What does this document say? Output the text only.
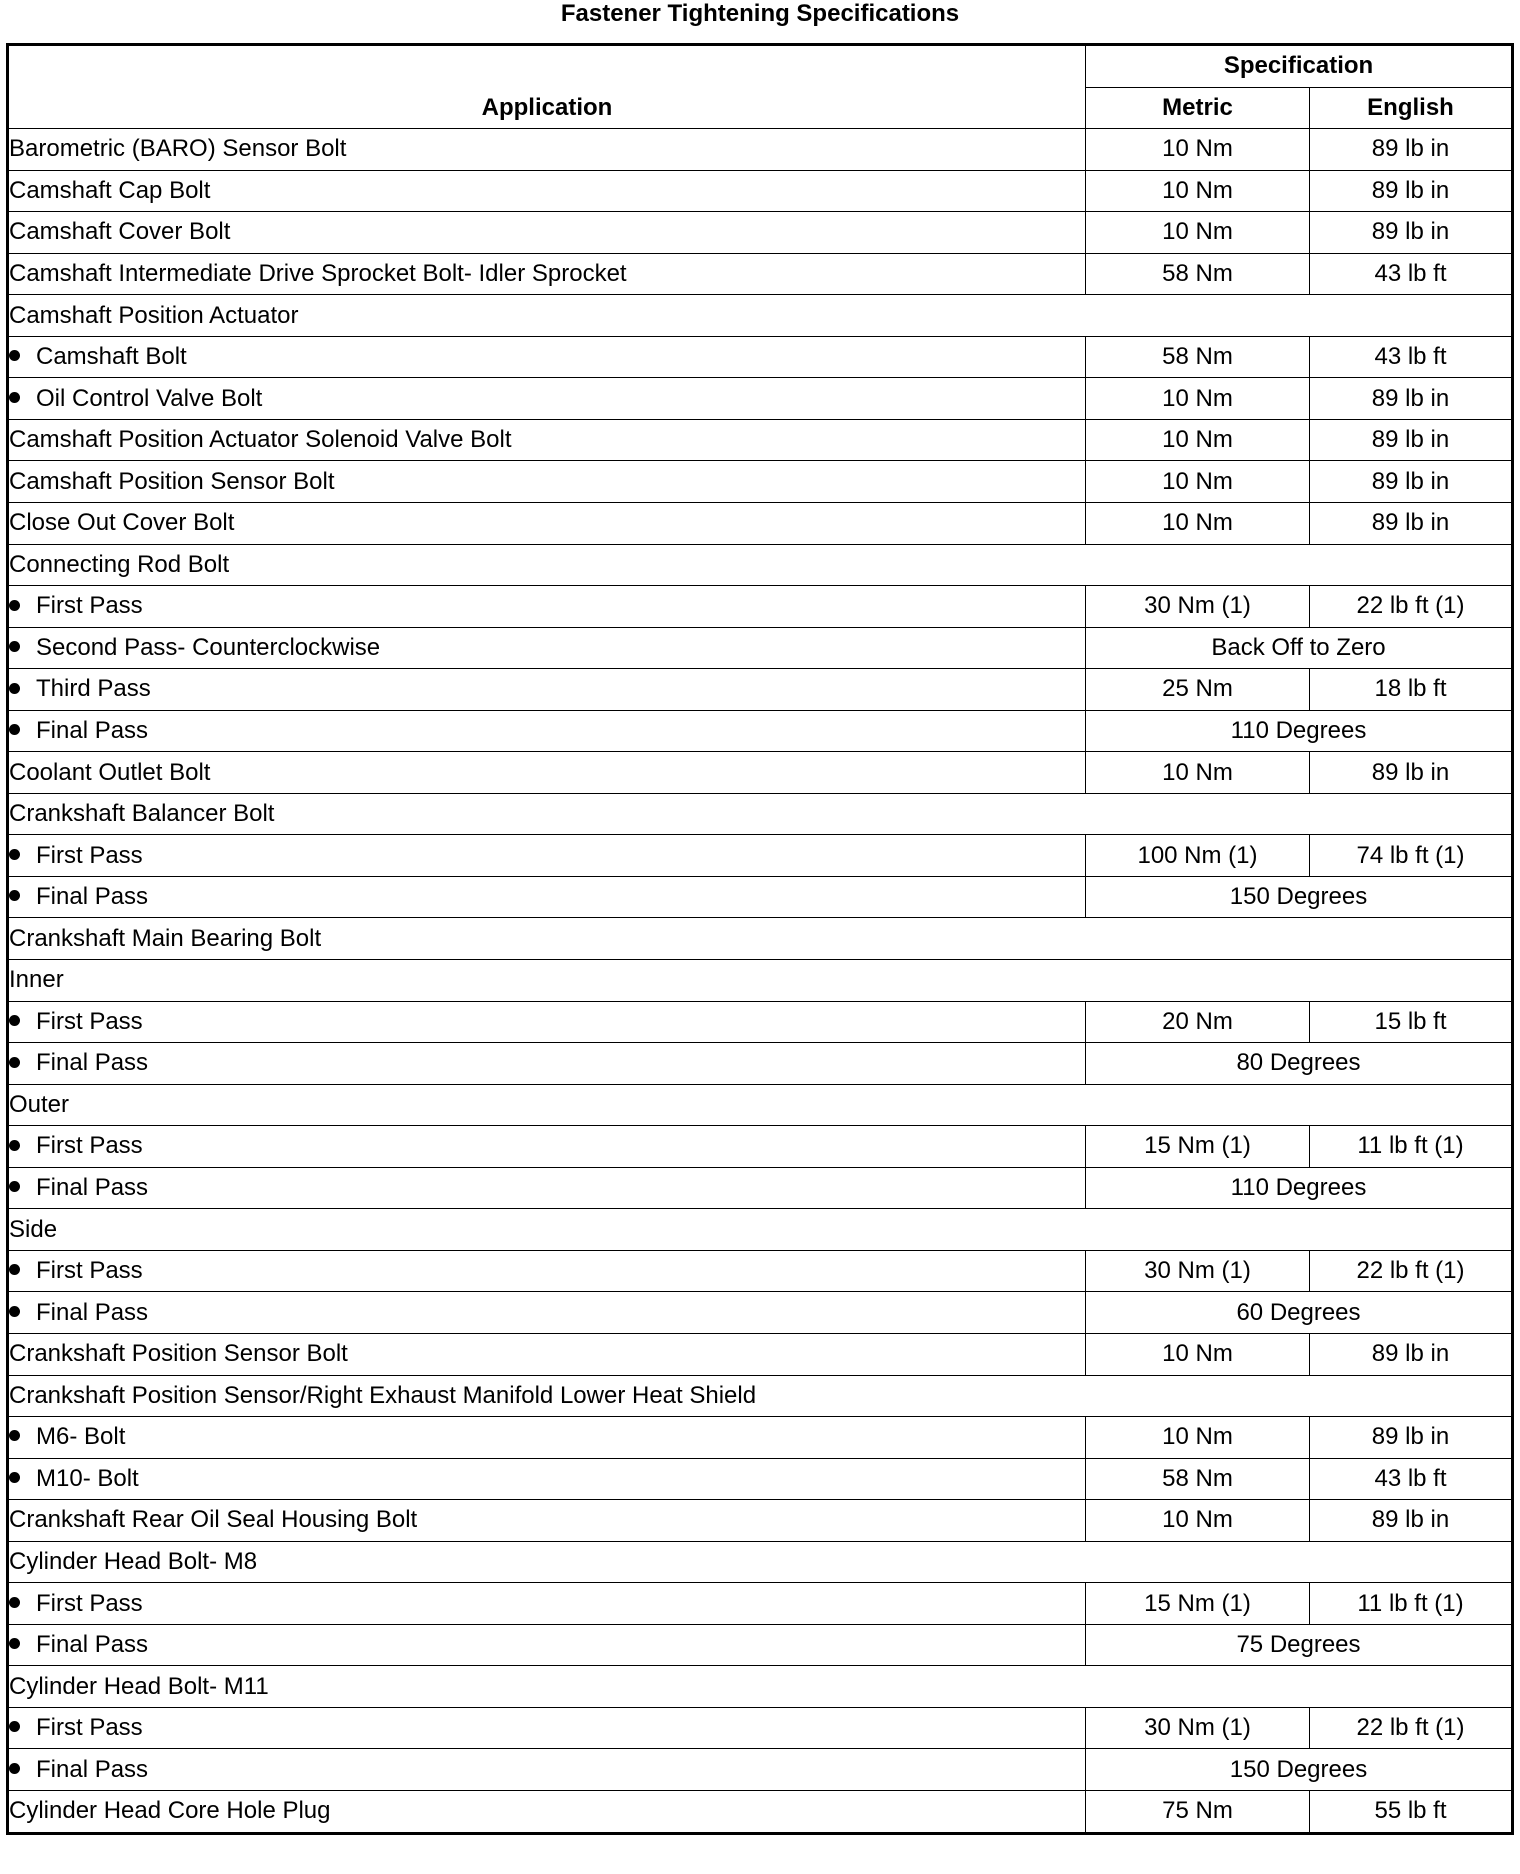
Fastener Tightening Specifications
Application	Specification	
	Metric	English
Barometric (BARO) Sensor Bolt	10 Nm	89 lb in
Camshaft Cap Bolt	10 Nm	89 lb in
Camshaft Cover Bolt	10 Nm	89 lb in
Camshaft Intermediate Drive Sprocket Bolt- Idler Sprocket	58 Nm	43 lb ft
Camshaft Position Actuator		
Camshaft Bolt	58 Nm	43 lb ft
Oil Control Valve Bolt	10 Nm	89 lb in
Camshaft Position Actuator Solenoid Valve Bolt	10 Nm	89 lb in
Camshaft Position Sensor Bolt	10 Nm	89 lb in
Close Out Cover Bolt	10 Nm	89 lb in
Connecting Rod Bolt		
First Pass	30 Nm (1)	22 lb ft (1)
Second Pass- Counterclockwise	Back Off to Zero	
Third Pass	25 Nm	18 lb ft
Final Pass	110 Degrees	
Coolant Outlet Bolt	10 Nm	89 lb in
Crankshaft Balancer Bolt		
First Pass	100 Nm (1)	74 lb ft (1)
Final Pass	150 Degrees	
Crankshaft Main Bearing Bolt		
Inner		
First Pass	20 Nm	15 lb ft
Final Pass	80 Degrees	
Outer		
First Pass	15 Nm (1)	11 lb ft (1)
Final Pass	110 Degrees	
Side		
First Pass	30 Nm (1)	22 lb ft (1)
Final Pass	60 Degrees	
Crankshaft Position Sensor Bolt	10 Nm	89 lb in
Crankshaft Position Sensor/Right Exhaust Manifold Lower Heat Shield		
M6- Bolt	10 Nm	89 lb in
M10- Bolt	58 Nm	43 lb ft
Crankshaft Rear Oil Seal Housing Bolt	10 Nm	89 lb in
Cylinder Head Bolt- M8		
First Pass	15 Nm (1)	11 lb ft (1)
Final Pass	75 Degrees	
Cylinder Head Bolt- M11		
First Pass	30 Nm (1)	22 lb ft (1)
Final Pass	150 Degrees	
Cylinder Head Core Hole Plug	75 Nm	55 lb ft
